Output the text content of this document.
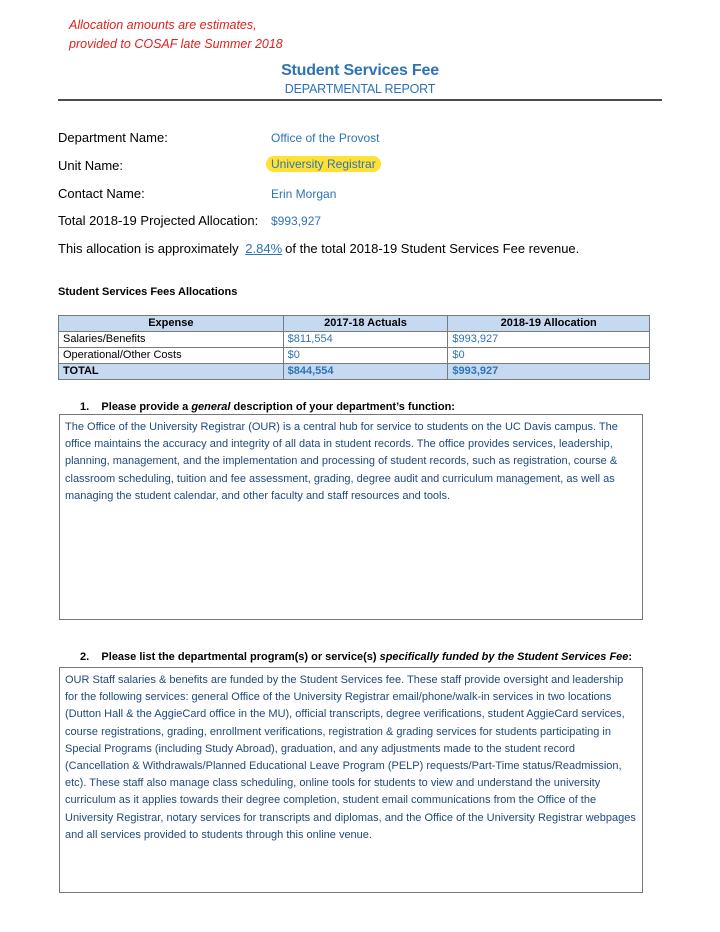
Allocation amounts are estimates,
provided to COSAF late Summer 2018
Student Services Fee
DEPARTMENTAL REPORT
Department Name:	Office of the Provost
Unit Name:	University Registrar
Contact Name:	Erin Morgan
Total 2018-19 Projected Allocation: $993,927
This allocation is approximately 2.84% of the total 2018-19 Student Services Fee revenue.
Student Services Fees Allocations
Expense	2017-18 Actuals	2018-19 Allocation
Salaries/Benefits	$811,554	$993,927
Operational/Other Costs	$0	$0
TOTAL	$844,554	$993,927
1. Please provide a general description of your department’s function:
The Office of the University Registrar (OUR) is a central hub for service to students on the UC Davis campus. The office maintains the accuracy and integrity of all data in student records. The office provides services, leadership, planning, management, and the implementation and processing of student records, such as registration, course & classroom scheduling, tuition and fee assessment, grading, degree audit and curriculum management, as well as managing the student calendar, and other faculty and staff resources and tools.
2. Please list the departmental program(s) or service(s) specifically funded by the Student Services Fee:
OUR Staff salaries & benefits are funded by the Student Services fee. These staff provide oversight and leadership for the following services: general Office of the University Registrar email/phone/walk-in services in two locations (Dutton Hall & the AggieCard office in the MU), official transcripts, degree verifications, student AggieCard services, course registrations, grading, enrollment verifications, registration & grading services for students participating in Special Programs (including Study Abroad), graduation, and any adjustments made to the student record (Cancellation & Withdrawals/Planned Educational Leave Program (PELP) requests/Part-Time status/Readmission, etc). These staff also manage class scheduling, online tools for students to view and understand the university curriculum as it applies towards their degree completion, student email communications from the Office of the University Registrar, notary services for transcripts and diplomas, and the Office of the University Registrar webpages and all services provided to students through this online venue.
